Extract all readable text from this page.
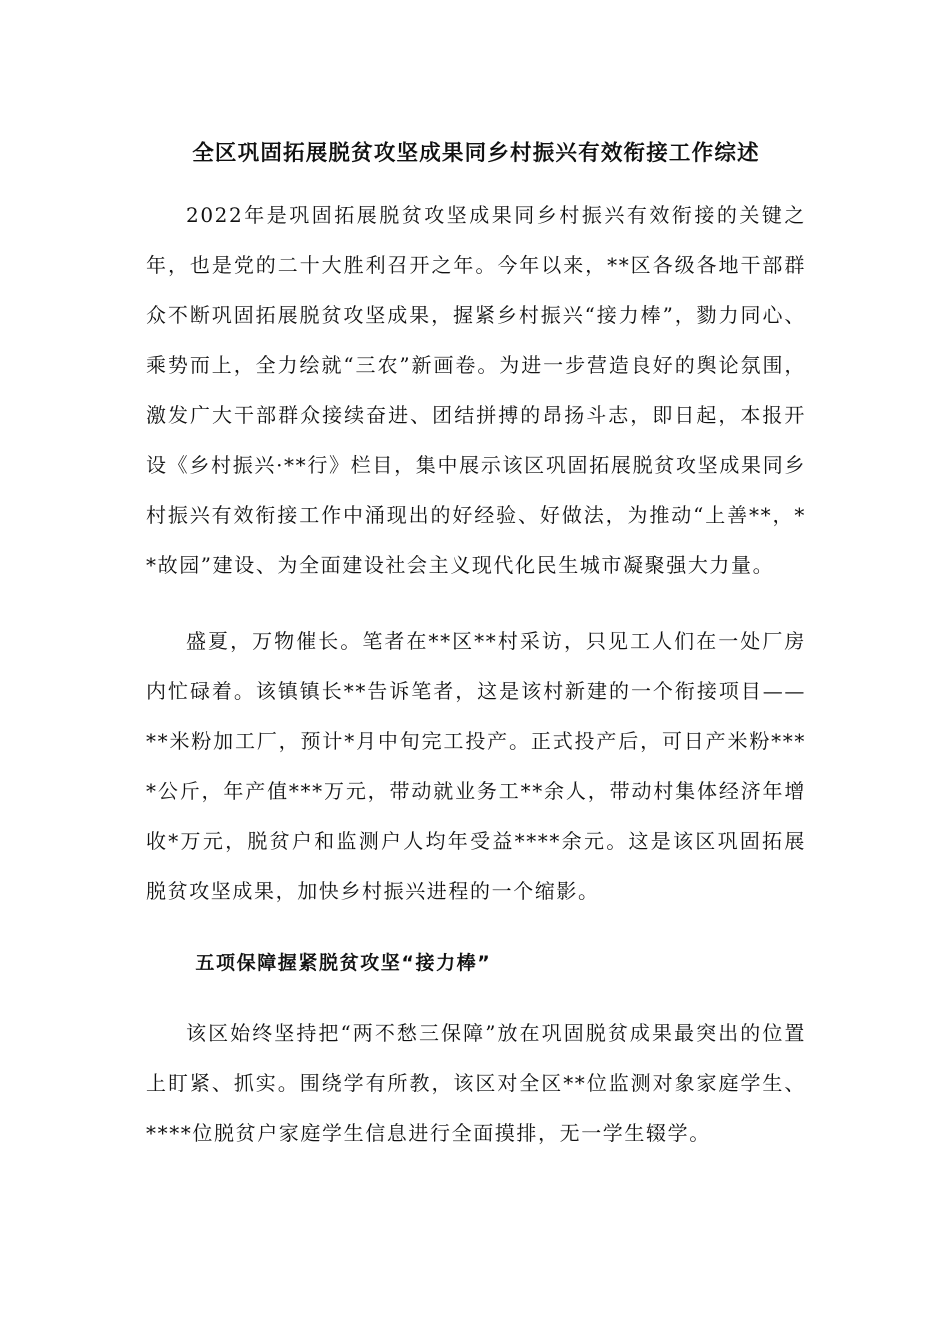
全区巩固拓展脱贫攻坚成果同乡村振兴有效衔接工作综述

2022年是巩固拓展脱贫攻坚成果同乡村振兴有效衔接的关键之年，也是党的二十大胜利召开之年。今年以来，**区各级各地干部群众不断巩固拓展脱贫攻坚成果，握紧乡村振兴“接力棒”，勠力同心、乘势而上，全力绘就“三农”新画卷。为进一步营造良好的舆论氛围，激发广大干部群众接续奋进、团结拼搏的昂扬斗志，即日起，本报开设《乡村振兴·**行》栏目，集中展示该区巩固拓展脱贫攻坚成果同乡村振兴有效衔接工作中涌现出的好经验、好做法，为推动“上善**，**故园”建设、为全面建设社会主义现代化民生城市凝聚强大力量。

盛夏，万物催长。笔者在**区**村采访，只见工人们在一处厂房内忙碌着。该镇镇长**告诉笔者，这是该村新建的一个衔接项目——**米粉加工厂，预计*月中旬完工投产。正式投产后，可日产米粉****公斤，年产值***万元，带动就业务工**余人，带动村集体经济年增收*万元，脱贫户和监测户人均年受益****余元。这是该区巩固拓展脱贫攻坚成果，加快乡村振兴进程的一个缩影。

五项保障握紧脱贫攻坚“接力棒”

该区始终坚持把“两不愁三保障”放在巩固脱贫成果最突出的位置上盯紧、抓实。围绕学有所教，该区对全区**位监测对象家庭学生、****位脱贫户家庭学生信息进行全面摸排，无一学生辍学。
